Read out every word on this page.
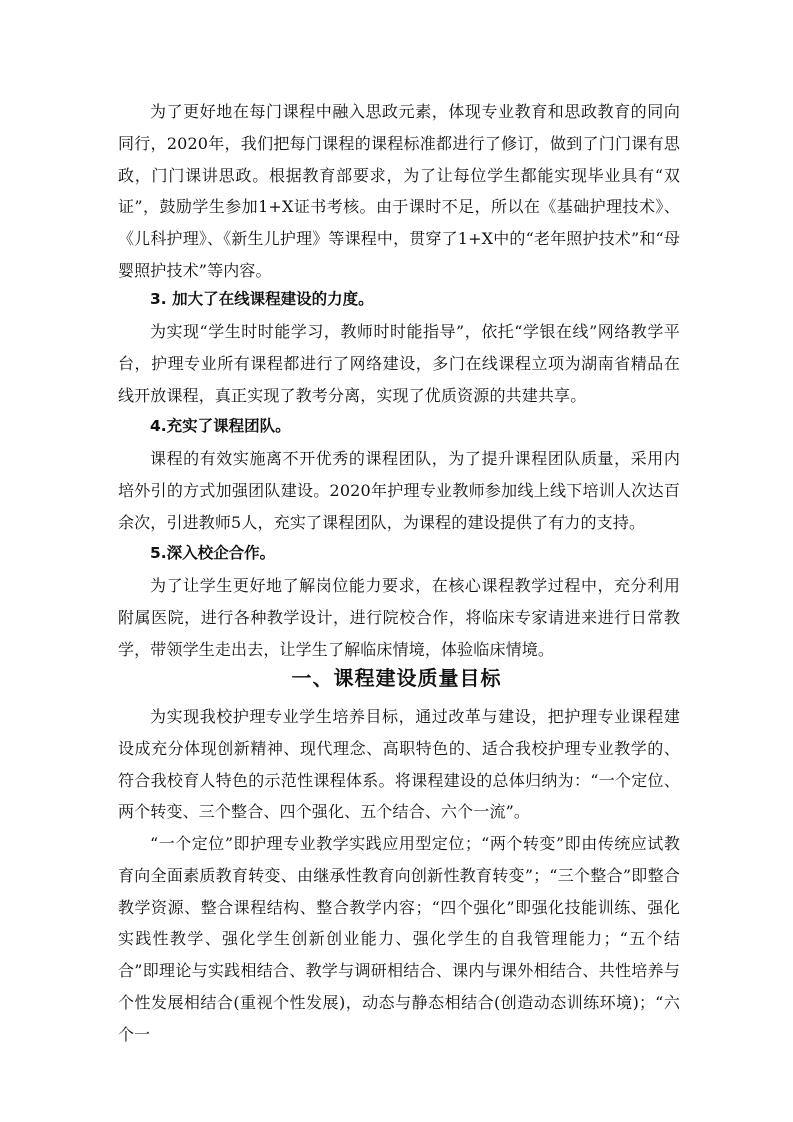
为了更好地在每门课程中融入思政元素，体现专业教育和思政教育的同向同行，2020年，我们把每门课程的课程标准都进行了修订，做到了门门课有思政，门门课讲思政。根据教育部要求，为了让每位学生都能实现毕业具有“双证”，鼓励学生参加1+X证书考核。由于课时不足，所以在《基础护理技术》、《儿科护理》、《新生儿护理》等课程中，贯穿了1+X中的“老年照护技术”和“母婴照护技术”等内容。

3. 加大了在线课程建设的力度。

为实现“学生时时能学习，教师时时能指导”，依托“学银在线”网络教学平台，护理专业所有课程都进行了网络建设，多门在线课程立项为湖南省精品在线开放课程，真正实现了教考分离，实现了优质资源的共建共享。

4.充实了课程团队。

课程的有效实施离不开优秀的课程团队，为了提升课程团队质量，采用内培外引的方式加强团队建设。2020年护理专业教师参加线上线下培训人次达百余次，引进教师5人，充实了课程团队，为课程的建设提供了有力的支持。

5.深入校企合作。

为了让学生更好地了解岗位能力要求，在核心课程教学过程中，充分利用附属医院，进行各种教学设计，进行院校合作，将临床专家请进来进行日常教学，带领学生走出去，让学生了解临床情境，体验临床情境。

一、课程建设质量目标

为实现我校护理专业学生培养目标，通过改革与建设，把护理专业课程建设成充分体现创新精神、现代理念、高职特色的、适合我校护理专业教学的、符合我校育人特色的示范性课程体系。将课程建设的总体归纳为：“一个定位、两个转变、三个整合、四个强化、五个结合、六个一流”。

“一个定位”即护理专业教学实践应用型定位；“两个转变”即由传统应试教育向全面素质教育转变、由继承性教育向创新性教育转变”；“三个整合”即整合教学资源、整合课程结构、整合教学内容；“四个强化”即强化技能训练、强化实践性教学、强化学生创新创业能力、强化学生的自我管理能力；“五个结合”即理论与实践相结合、教学与调研相结合、课内与课外相结合、共性培养与个性发展相结合(重视个性发展)，动态与静态相结合(创造动态训练环境)；“六个一
